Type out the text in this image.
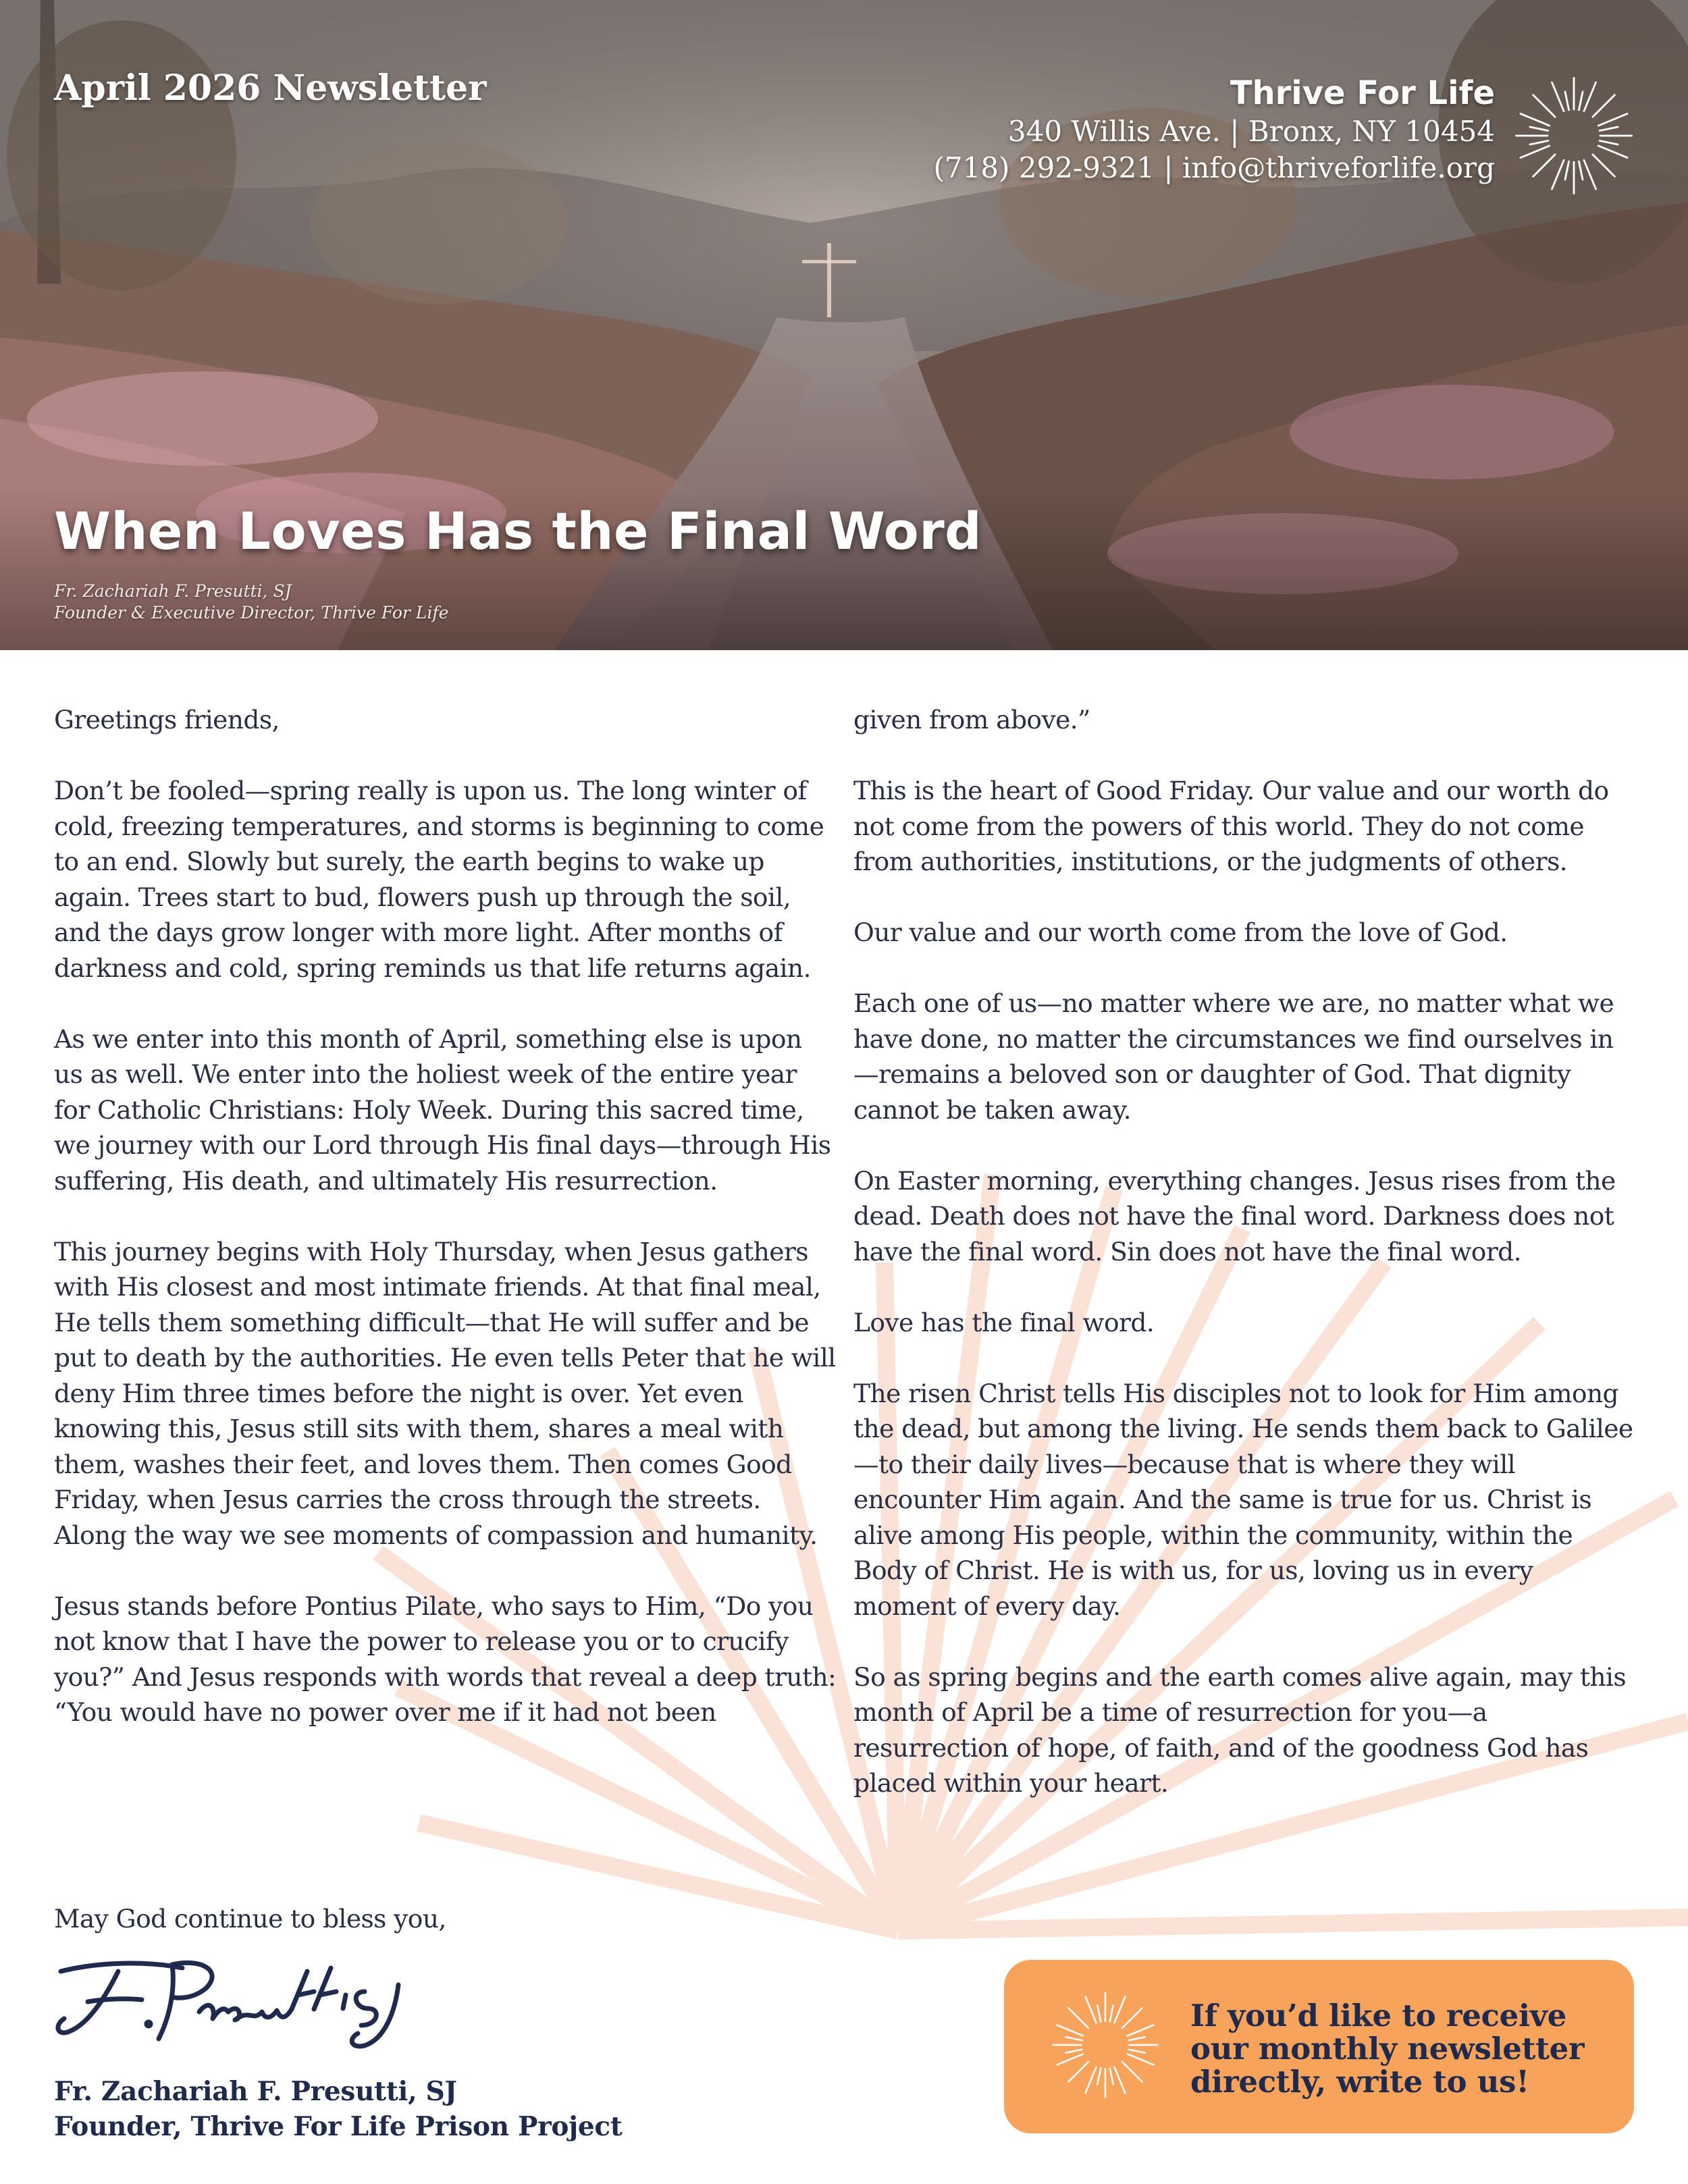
April 2026 Newsletter	Thrive For Life
340 Willis Ave. | Bronx, NY 10454
(718) 292-9321 | info@thriveforlife.org
When Loves Has the Final Word
Fr. Zachariah F. Presutti, SJ
Founder & Executive Director, Thrive For Life

Greetings friends,

Don’t be fooled—spring really is upon us. The long winter of cold, freezing temperatures, and storms is beginning to come to an end. Slowly but surely, the earth begins to wake up again. Trees start to bud, flowers push up through the soil, and the days grow longer with more light. After months of darkness and cold, spring reminds us that life returns again.

As we enter into this month of April, something else is upon us as well. We enter into the holiest week of the entire year for Catholic Christians: Holy Week. During this sacred time, we journey with our Lord through His final days—through His suffering, His death, and ultimately His resurrection.

This journey begins with Holy Thursday, when Jesus gathers with His closest and most intimate friends. At that final meal, He tells them something difficult—that He will suffer and be put to death by the authorities. He even tells Peter that he will deny Him three times before the night is over. Yet even knowing this, Jesus still sits with them, shares a meal with them, washes their feet, and loves them. Then comes Good Friday, when Jesus carries the cross through the streets. Along the way we see moments of compassion and humanity.

Jesus stands before Pontius Pilate, who says to Him, “Do you not know that I have the power to release you or to crucify you?” And Jesus responds with words that reveal a deep truth: “You would have no power over me if it had not been

given from above.”

This is the heart of Good Friday. Our value and our worth do not come from the powers of this world. They do not come from authorities, institutions, or the judgments of others.

Our value and our worth come from the love of God.

Each one of us—no matter where we are, no matter what we have done, no matter the circumstances we find ourselves in—remains a beloved son or daughter of God. That dignity cannot be taken away.

On Easter morning, everything changes. Jesus rises from the dead. Death does not have the final word. Darkness does not have the final word. Sin does not have the final word.

Love has the final word.

The risen Christ tells His disciples not to look for Him among the dead, but among the living. He sends them back to Galilee—to their daily lives—because that is where they will encounter Him again. And the same is true for us. Christ is alive among His people, within the community, within the Body of Christ. He is with us, for us, loving us in every moment of every day.

So as spring begins and the earth comes alive again, may this month of April be a time of resurrection for you—a resurrection of hope, of faith, and of the goodness God has placed within your heart.

May God continue to bless you,

Fr. Zachariah F. Presutti, SJ
Founder, Thrive For Life Prison Project
If you’d like to receive
our monthly newsletter
directly, write to us!
